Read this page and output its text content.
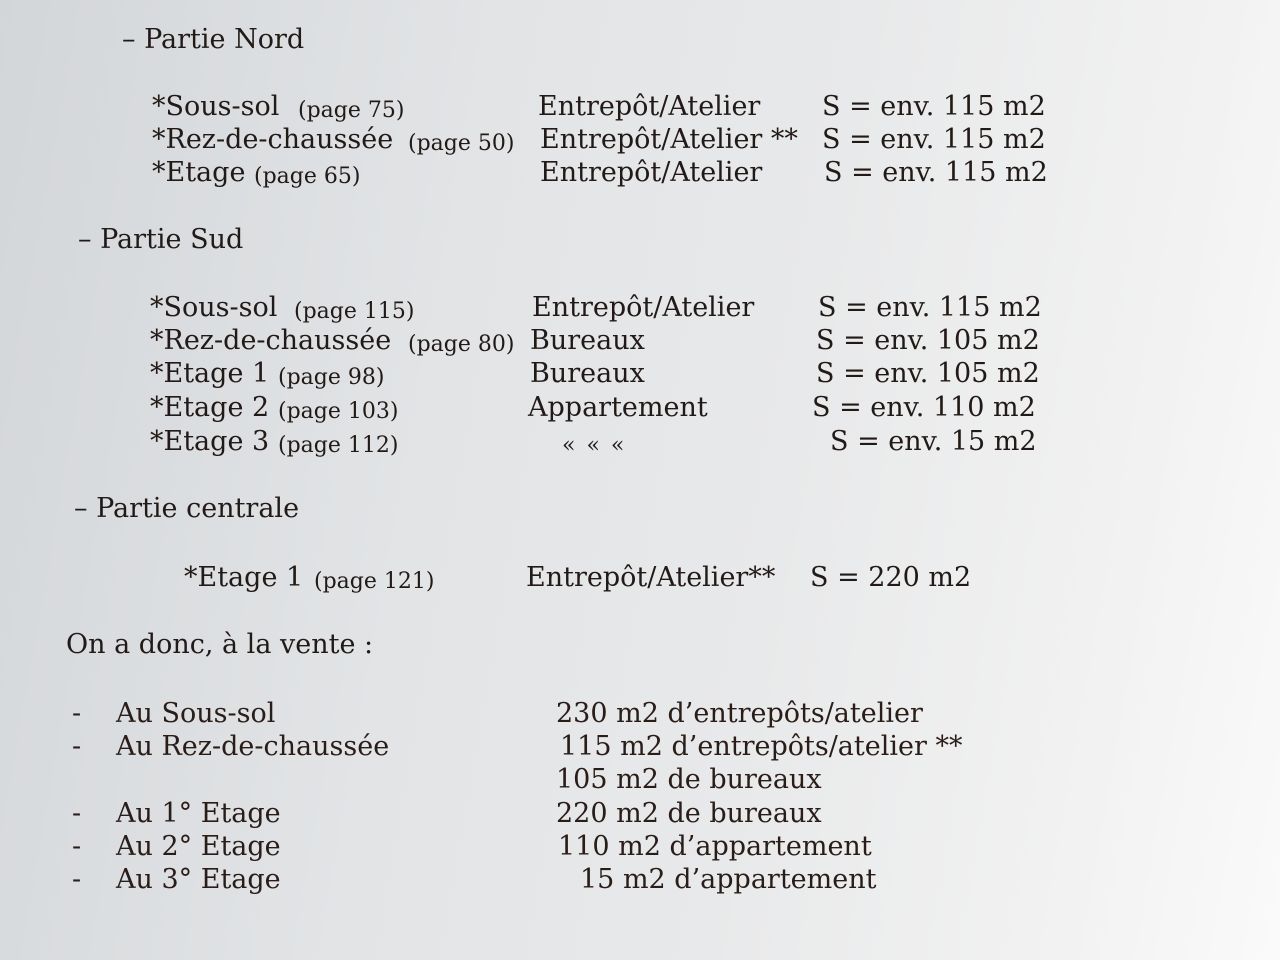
– Partie Nord
*Sous-sol (page 75)	Entrepôt/Atelier S = env. 115 m2
*Rez-de-chaussée (page 50) Entrepôt/Atelier ** S = env. 115 m2
*Etage (page 65)	Entrepôt/Atelier S = env. 115 m2
– Partie Sud
*Sous-sol (page 115)	Entrepôt/Atelier S = env. 115 m2
*Rez-de-chaussée (page 80) Bureaux	S = env. 105 m2
*Etage 1 (page 98)	Bureaux	S = env. 105 m2
*Etage 2 (page 103)	Appartement	S = env. 110 m2
*Etage 3 (page 112)	« « «	S = env. 15 m2
– Partie centrale
*Etage 1 (page 121)	Entrepôt/Atelier** S = 220 m2
On a donc, à la vente :
- Au Sous-sol	230 m2 d’entrepôts/atelier
- Au Rez-de-chaussée	115 m2 d’entrepôts/atelier **
105 m2 de bureaux
- Au 1° Etage	220 m2 de bureaux
- Au 2° Etage	110 m2 d’appartement
- Au 3° Etage	15 m2 d’appartement
